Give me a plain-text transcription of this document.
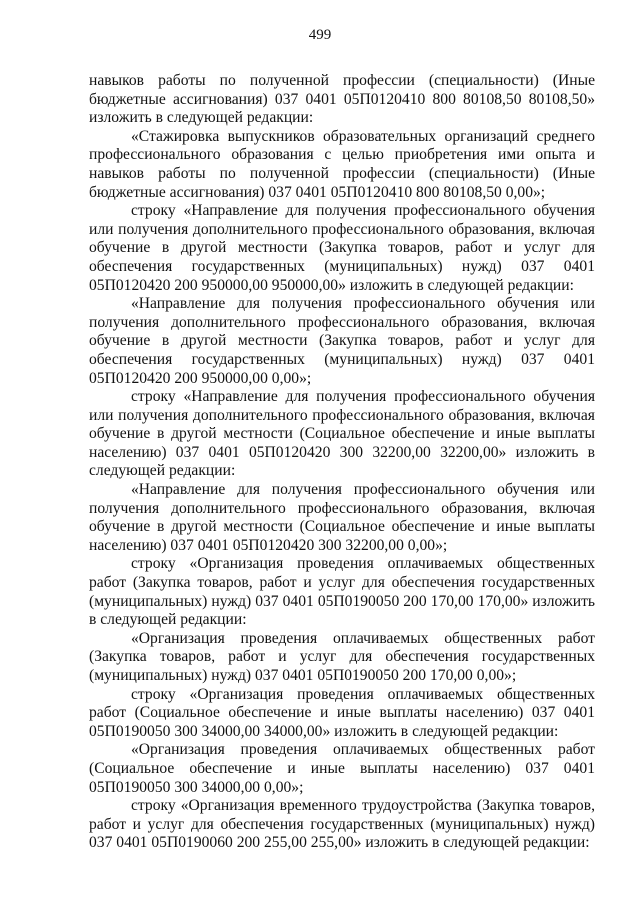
499

навыков работы по полученной профессии (специальности) (Иные бюджетные ассигнования) 037 0401 05П0120410 800 80108,50 80108,50» изложить в следующей редакции:

«Стажировка выпускников образовательных организаций среднего профессионального образования с целью приобретения ими опыта и навыков работы по полученной профессии (специальности) (Иные бюджетные ассигнования) 037 0401 05П0120410 800 80108,50 0,00»;

строку «Направление для получения профессионального обучения или получения дополнительного профессионального образования, включая обучение в другой местности (Закупка товаров, работ и услуг для обеспечения государственных (муниципальных) нужд) 037 0401 05П0120420 200 950000,00 950000,00» изложить в следующей редакции:

«Направление для получения профессионального обучения или получения дополнительного профессионального образования, включая обучение в другой местности (Закупка товаров, работ и услуг для обеспечения государственных (муниципальных) нужд) 037 0401 05П0120420 200 950000,00 0,00»;

строку «Направление для получения профессионального обучения или получения дополнительного профессионального образования, включая обучение в другой местности (Социальное обеспечение и иные выплаты населению) 037 0401 05П0120420 300 32200,00 32200,00» изложить в следующей редакции:

«Направление для получения профессионального обучения или получения дополнительного профессионального образования, включая обучение в другой местности (Социальное обеспечение и иные выплаты населению) 037 0401 05П0120420 300 32200,00 0,00»;

строку «Организация проведения оплачиваемых общественных работ (Закупка товаров, работ и услуг для обеспечения государственных (муниципальных) нужд) 037 0401 05П0190050 200 170,00 170,00» изложить в следующей редакции:

«Организация проведения оплачиваемых общественных работ (Закупка товаров, работ и услуг для обеспечения государственных (муниципальных) нужд) 037 0401 05П0190050 200 170,00 0,00»;

строку «Организация проведения оплачиваемых общественных работ (Социальное обеспечение и иные выплаты населению) 037 0401 05П0190050 300 34000,00 34000,00» изложить в следующей редакции:

«Организация проведения оплачиваемых общественных работ (Социальное обеспечение и иные выплаты населению) 037 0401 05П0190050 300 34000,00 0,00»;

строку «Организация временного трудоустройства (Закупка товаров, работ и услуг для обеспечения государственных (муниципальных) нужд) 037 0401 05П0190060 200 255,00 255,00» изложить в следующей редакции:
